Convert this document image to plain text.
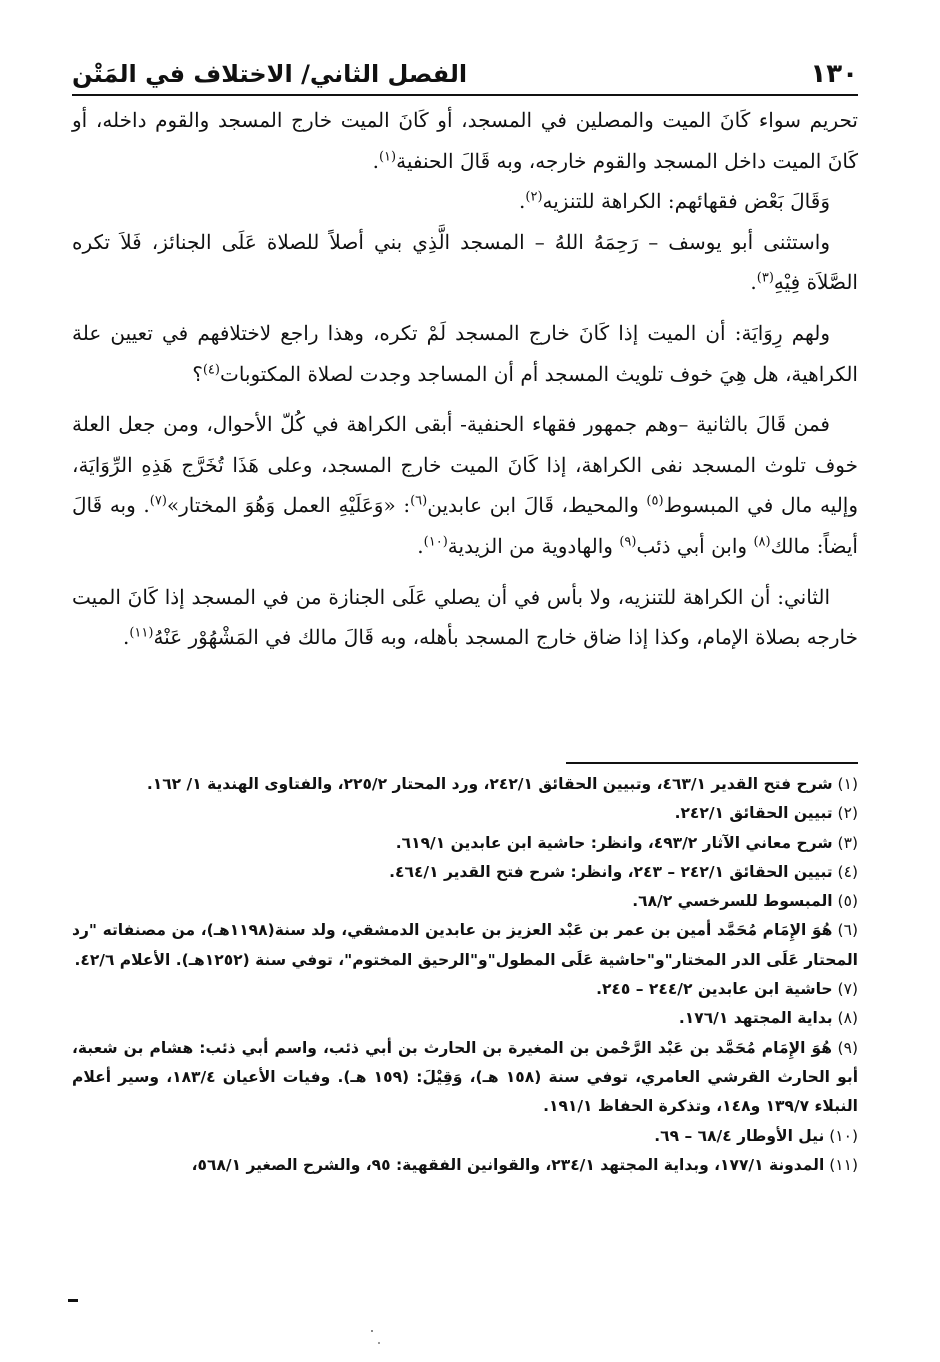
١٣٠
الفصل الثاني/ الاختلاف في المَتْن

تحريم سواء كَانَ الميت والمصلين في المسجد، أو كَانَ الميت خارج المسجد والقوم داخله، أو كَانَ الميت داخل المسجد والقوم خارجه، وبه قَالَ الحنفية$^{(١)}$.

وَقَالَ بَعْض فقهائهم: الكراهة للتنزيه$^{(٢)}$.

واستثنى أبو يوسف – رَحِمَهُ اللهُ – المسجد الَّذِي بني أصلاً للصلاة عَلَى الجنائز، فَلاَ تكره الصَّلاَة فِيْهِ$^{(٣)}$.

ولهم رِوَايَة: أن الميت إذا كَانَ خارج المسجد لَمْ تكره، وهذا راجع لاختلافهم في تعيين علة الكراهية، هل هِيَ خوف تلويث المسجد أم أن المساجد وجدت لصلاة المكتوبات$^{(٤)}$؟

فمن قَالَ بالثانية –وهم جمهور فقهاء الحنفية- أبقى الكراهة في كُلّ الأحوال، ومن جعل العلة خوف تلوث المسجد نفى الكراهة، إذا كَانَ الميت خارج المسجد، وعلى هَذَا تُخَرَّج هَذِهِ الرِّوَايَة، وإليه مال في المبسوط$^{(٥)}$ والمحيط، قَالَ ابن عابدين$^{(٦)}$: «وَعَلَيْهِ العمل وَهُوَ المختار»$^{(٧)}$. وبه قَالَ أيضاً: مالك$^{(٨)}$ وابن أبي ذئب$^{(٩)}$ والهادوية من الزيدية$^{(١٠)}$.

الثاني: أن الكراهة للتنزيه، ولا بأس في أن يصلي عَلَى الجنازة من في المسجد إذا كَانَ الميت خارجه بصلاة الإمام، وكذا إذا ضاق خارج المسجد بأهله، وبه قَالَ مالك في المَشْهُوْر عَنْهُ$^{(١١)}$.

(١) شرح فتح القدير ٤٦٣/١، وتبيين الحقائق ٢٤٢/١، ورد المحتار ٢٢٥/٢، والفتاوى الهندية ١/ ١٦٢.

(٢) تبيين الحقائق ٢٤٢/١.

(٣) شرح معاني الآثار ٤٩٣/٢، وانظر: حاشية ابن عابدين ٦١٩/١.

(٤) تبيين الحقائق ٢٤٢/١ – ٢٤٣، وانظر: شرح فتح القدير ٤٦٤/١.

(٥) المبسوط للسرخسي ٦٨/٢.

(٦) هُوَ الإِمَام مُحَمَّد أمين بن عمر بن عَبْد العزيز بن عابدين الدمشقي، ولد سنة(١١٩٨هـ)، من مصنفاته "رد المحتار عَلَى الدر المختار"و"حاشية عَلَى المطول"و"الرحيق المختوم"، توفي سنة (١٢٥٢هـ). الأعلام ٤٢/٦.

(٧) حاشية ابن عابدين ٢٤٤/٢ – ٢٤٥.

(٨) بداية المجتهد ١٧٦/١.

(٩) هُوَ الإِمَام مُحَمَّد بن عَبْد الرَّحْمن بن المغيرة بن الحارث بن أبي ذئب، واسم أبي ذئب: هشام بن شعبة، أبو الحارث القرشي العامري، توفي سنة (١٥٨ هـ)، وَقِيْلَ: (١٥٩ هـ). وفيات الأعيان ١٨٣/٤، وسير أعلام النبلاء ١٣٩/٧ و١٤٨، وتذكرة الحفاظ ١٩١/١.

(١٠) نيل الأوطار ٦٨/٤ – ٦٩.

(١١) المدونة ١٧٧/١، وبداية المجتهد ٢٣٤/١، والقوانين الفقهية: ٩٥، والشرح الصغير ٥٦٨/١،
